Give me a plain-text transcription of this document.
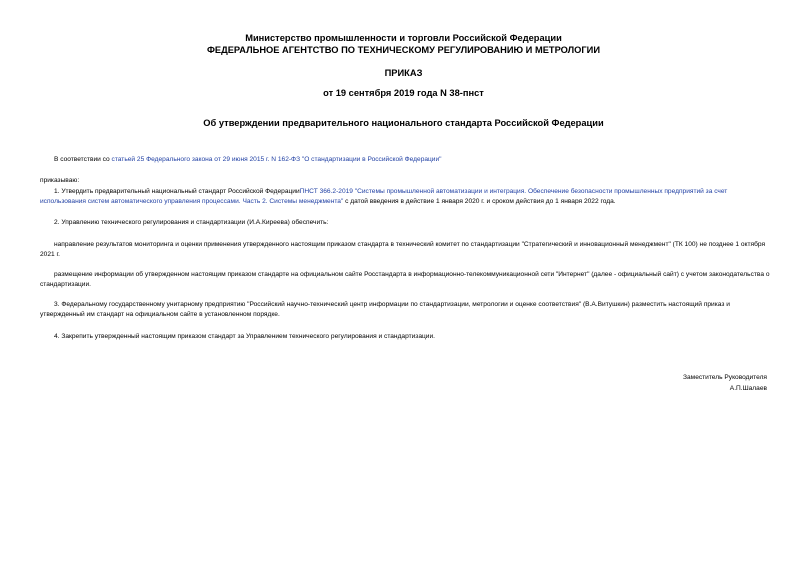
Министерство промышленности и торговли Российской Федерации
ФЕДЕРАЛЬНОЕ АГЕНТСТВО ПО ТЕХНИЧЕСКОМУ РЕГУЛИРОВАНИЮ И МЕТРОЛОГИИ
ПРИКАЗ
от 19 сентября 2019 года N 38-пнст
Об утверждении предварительного национального стандарта Российской Федерации

В соответствии со статьей 25 Федерального закона от 29 июня 2015 г. N 162-ФЗ "О стандартизации в Российской Федерации"

приказываю:

1. Утвердить предварительный национальный стандарт Российской ФедерацииПНСТ 366.2-2019 "Системы промышленной автоматизации и интеграция. Обеспечение безопасности промышленных предприятий за счет использования систем автоматического управления процессами. Часть 2. Системы менеджмента" с датой введения в действие 1 января 2020 г. и сроком действия до 1 января 2022 года.

2. Управлению технического регулирования и стандартизации (И.А.Киреева) обеспечить:

направление результатов мониторинга и оценки применения утвержденного настоящим приказом стандарта в технический комитет по стандартизации "Стратегический и инновационный менеджмент" (ТК 100) не позднее 1 октября 2021 г.

размещение информации об утвержденном настоящим приказом стандарте на официальном сайте Росстандарта в информационно-телекоммуникационной сети "Интернет" (далее - официальный сайт) с учетом законодательства о стандартизации.

3. Федеральному государственному унитарному предприятию "Российский научно-технический центр информации по стандартизации, метрологии и оценке соответствия" (В.А.Витушкин) разместить настоящий приказ и утвержденный им стандарт на официальном сайте в установленном порядке.

4. Закрепить утвержденный настоящим приказом стандарт за Управлением технического регулирования и стандартизации.

Заместитель Руководителя
А.П.Шалаев
